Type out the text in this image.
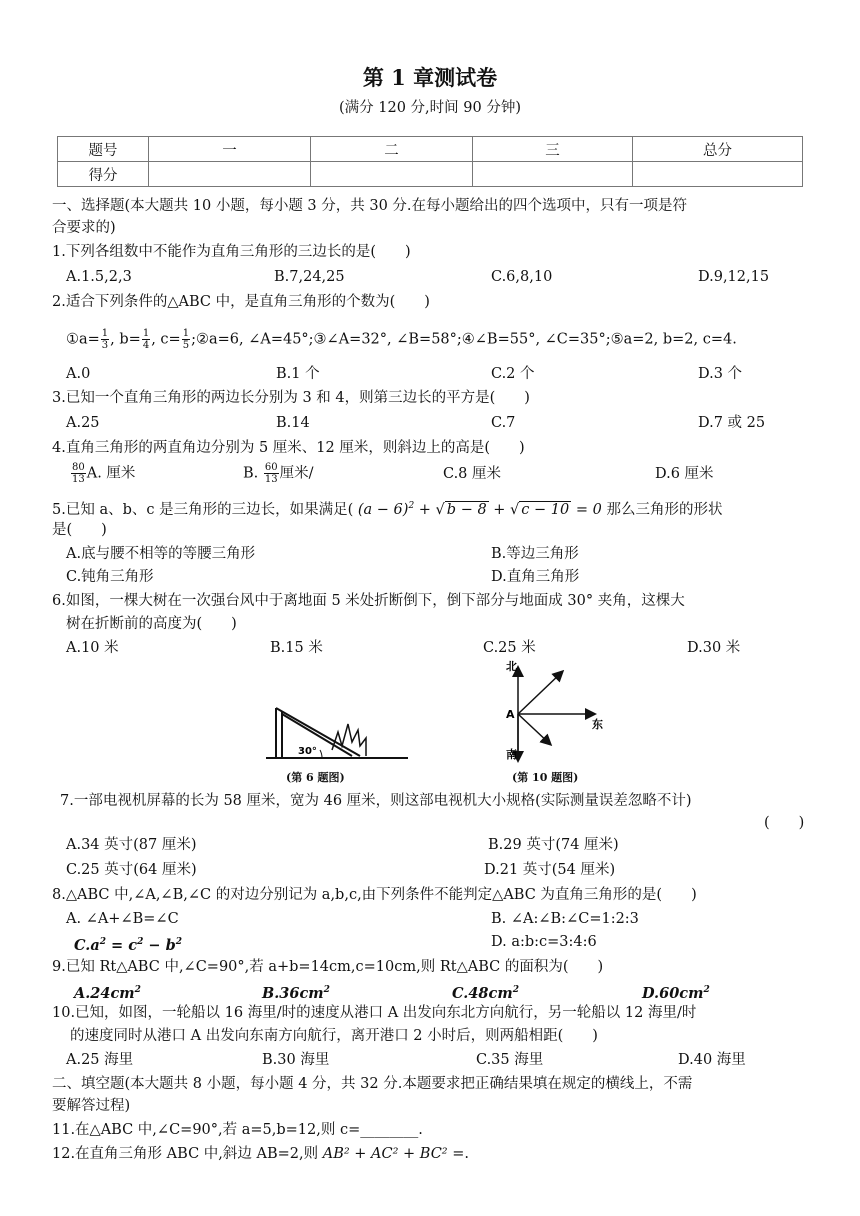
第 1 章测试卷
(满分 120 分,时间 90 分钟)
题号	一	二	三	总分
得分				
一、选择题(本大题共 10 小题，每小题 3 分，共 30 分.在每小题给出的四个选项中，只有一项是符
合要求的)
1.下列各组数中不能作为直角三角形的三边长的是(　　)
A.1.5,2,3	B.7,24,25	C.6,8,10	D.9,12,15
2.适合下列条件的△ABC 中，是直角三角形的个数为(　　)
①a= $\frac{1}{3}$ , $b= \frac{1}{4}$ , $c= \frac{1}{5}$ ;②a=6, ∠A=45°;③∠A=32°, ∠B=58°;④∠B=55°, ∠C=35°;⑤a=2, b=2, c=4.
A.0	B.1 个	C.2 个	D.3 个
3.已知一个直角三角形的两边长分别为 3 和 4，则第三边长的平方是(　　)
A.25	B.14	C.7	D.7 或 25
4.直角三角形的两直角边分别为 5 厘米、12 厘米，则斜边上的高是(　　)
$\frac{80}{13} A$. 厘米	B. $\frac{60}{13}$ 厘米/	C.8 厘米	D.6 厘米
5.已知 a、b、c 是三角形的三边长，如果满足( $(a - 6)^2$ + √ b − 8 + √ c − 10 = 0 那么三角形的形状
是(　　)
A.底与腰不相等的等腰三角形	B.等边三角形
C.钝角三角形	D.直角三角形
6.如图，一棵大树在一次强台风中于离地面 5 米处折断倒下，倒下部分与地面成 30° 夹角，这棵大
树在折断前的高度为(　　)
A.10 米	B.15 米	C.25 米	D.30 米
30°
(第 6 题图)
北
南
东
A
(第 10 题图)
7.一部电视机屏幕的长为 58 厘米，宽为 46 厘米，则这部电视机大小规格(实际测量误差忽略不计)
(　　)
A.34 英寸(87 厘米)	B.29 英寸(74 厘米)
C.25 英寸(64 厘米)	D.21 英寸(54 厘米)
8.△ABC 中,∠A,∠B,∠C 的对边分别记为 a,b,c,由下列条件不能判定△ABC 为直角三角形的是(　　)
A. ∠A+∠B=∠C	B. ∠A:∠B:∠C=1:2:3
$C.a^2 = c^2 - b^2$	D. a:b:c=3:4:6
9.已知 Rt△ABC 中,∠C=90°,若 a+b=14cm,c=10cm,则 Rt△ABC 的面积为(　　)
$A.24cm^2$	$B.36cm^2$	$C.48cm^2$	$D.60cm^2$
10.已知，如图，一轮船以 16 海里/时的速度从港口 A 出发向东北方向航行，另一轮船以 12 海里/时
的速度同时从港口 A 出发向东南方向航行，离开港口 2 小时后，则两船相距(　　)
A.25 海里	B.30 海里	C.35 海里	D.40 海里
二、填空题(本大题共 8 小题，每小题 4 分，共 32 分.本题要求把正确结果填在规定的横线上，不需
要解答过程)
11.在△ABC 中,∠C=90°,若 a=5,b=12,则 c=________.
12.在直角三角形 ABC 中,斜边 AB=2,则 AB² + AC² + BC² =.
